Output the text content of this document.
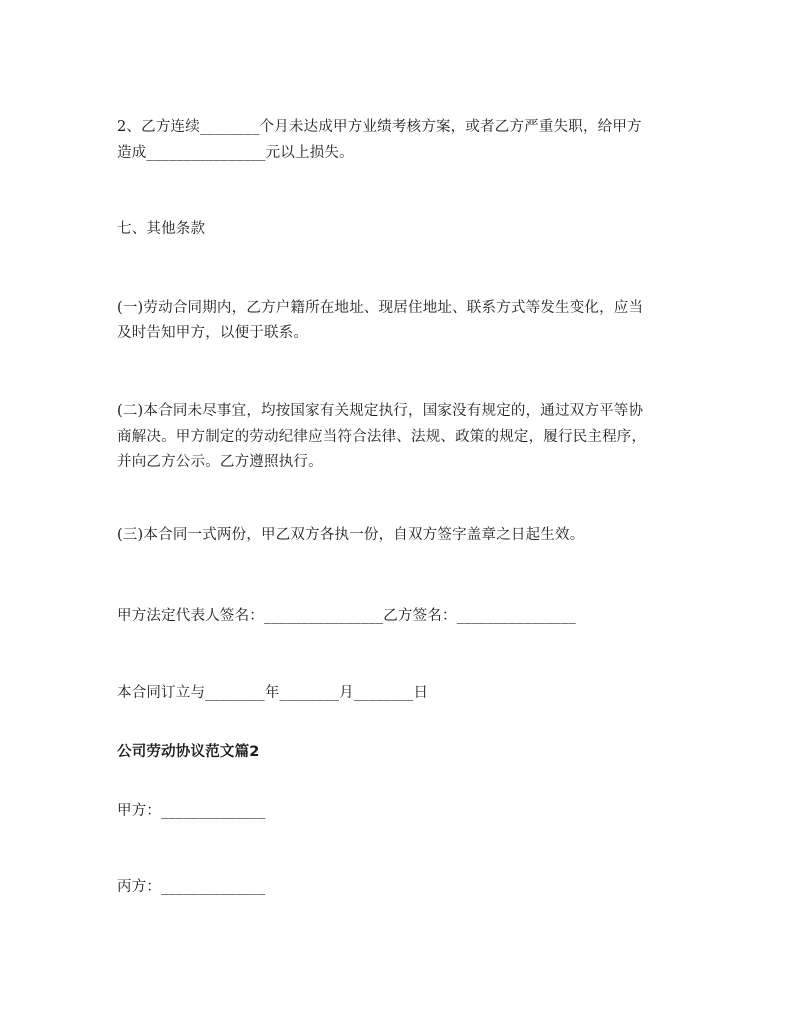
2、乙方连续________个月未达成甲方业绩考核方案，或者乙方严重失职，给甲方
造成________________元以上损失。
七、其他条款
(一)劳动合同期内，乙方户籍所在地址、现居住地址、联系方式等发生变化，应当
及时告知甲方，以便于联系。
(二)本合同未尽事宜，均按国家有关规定执行，国家没有规定的，通过双方平等协
商解决。甲方制定的劳动纪律应当符合法律、法规、政策的规定，履行民主程序，
并向乙方公示。乙方遵照执行。
(三)本合同一式两份，甲乙双方各执一份，自双方签字盖章之日起生效。
甲方法定代表人签名：________________乙方签名：________________
本合同订立与________年________月________日
公司劳动协议范文篇2
甲方：______________
丙方：______________
